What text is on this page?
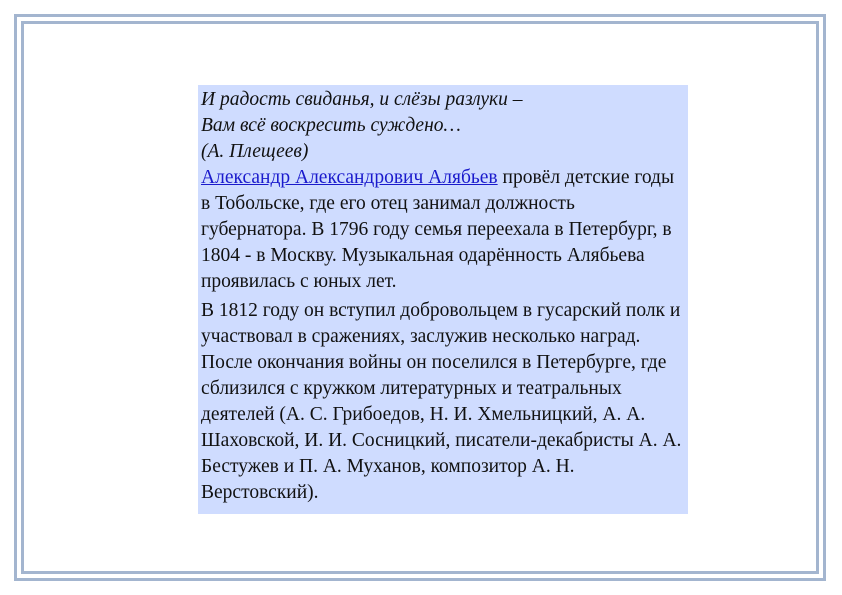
И радость свиданья, и слёзы разлуки –
Вам всё воскресить суждено…
(А. Плещеев)
Александр Александрович Алябьев провёл детские годы в Тобольске, где его отец занимал должность губернатора. В 1796 году семья переехала в Петербург, в 1804 - в Москву. Музыкальная одарённость Алябьева проявилась с юных лет.
В 1812 году он вступил добровольцем в гусарский полк и участвовал в сражениях, заслужив несколько наград. После окончания войны он поселился в Петербурге, где сблизился с кружком литературных и театральных деятелей (А. С. Грибоедов, Н. И. Хмельницкий, А. А. Шаховской, И. И. Сосницкий, писатели-декабристы А. А. Бестужев и П. А. Муханов, композитор А. Н. Верстовский).
